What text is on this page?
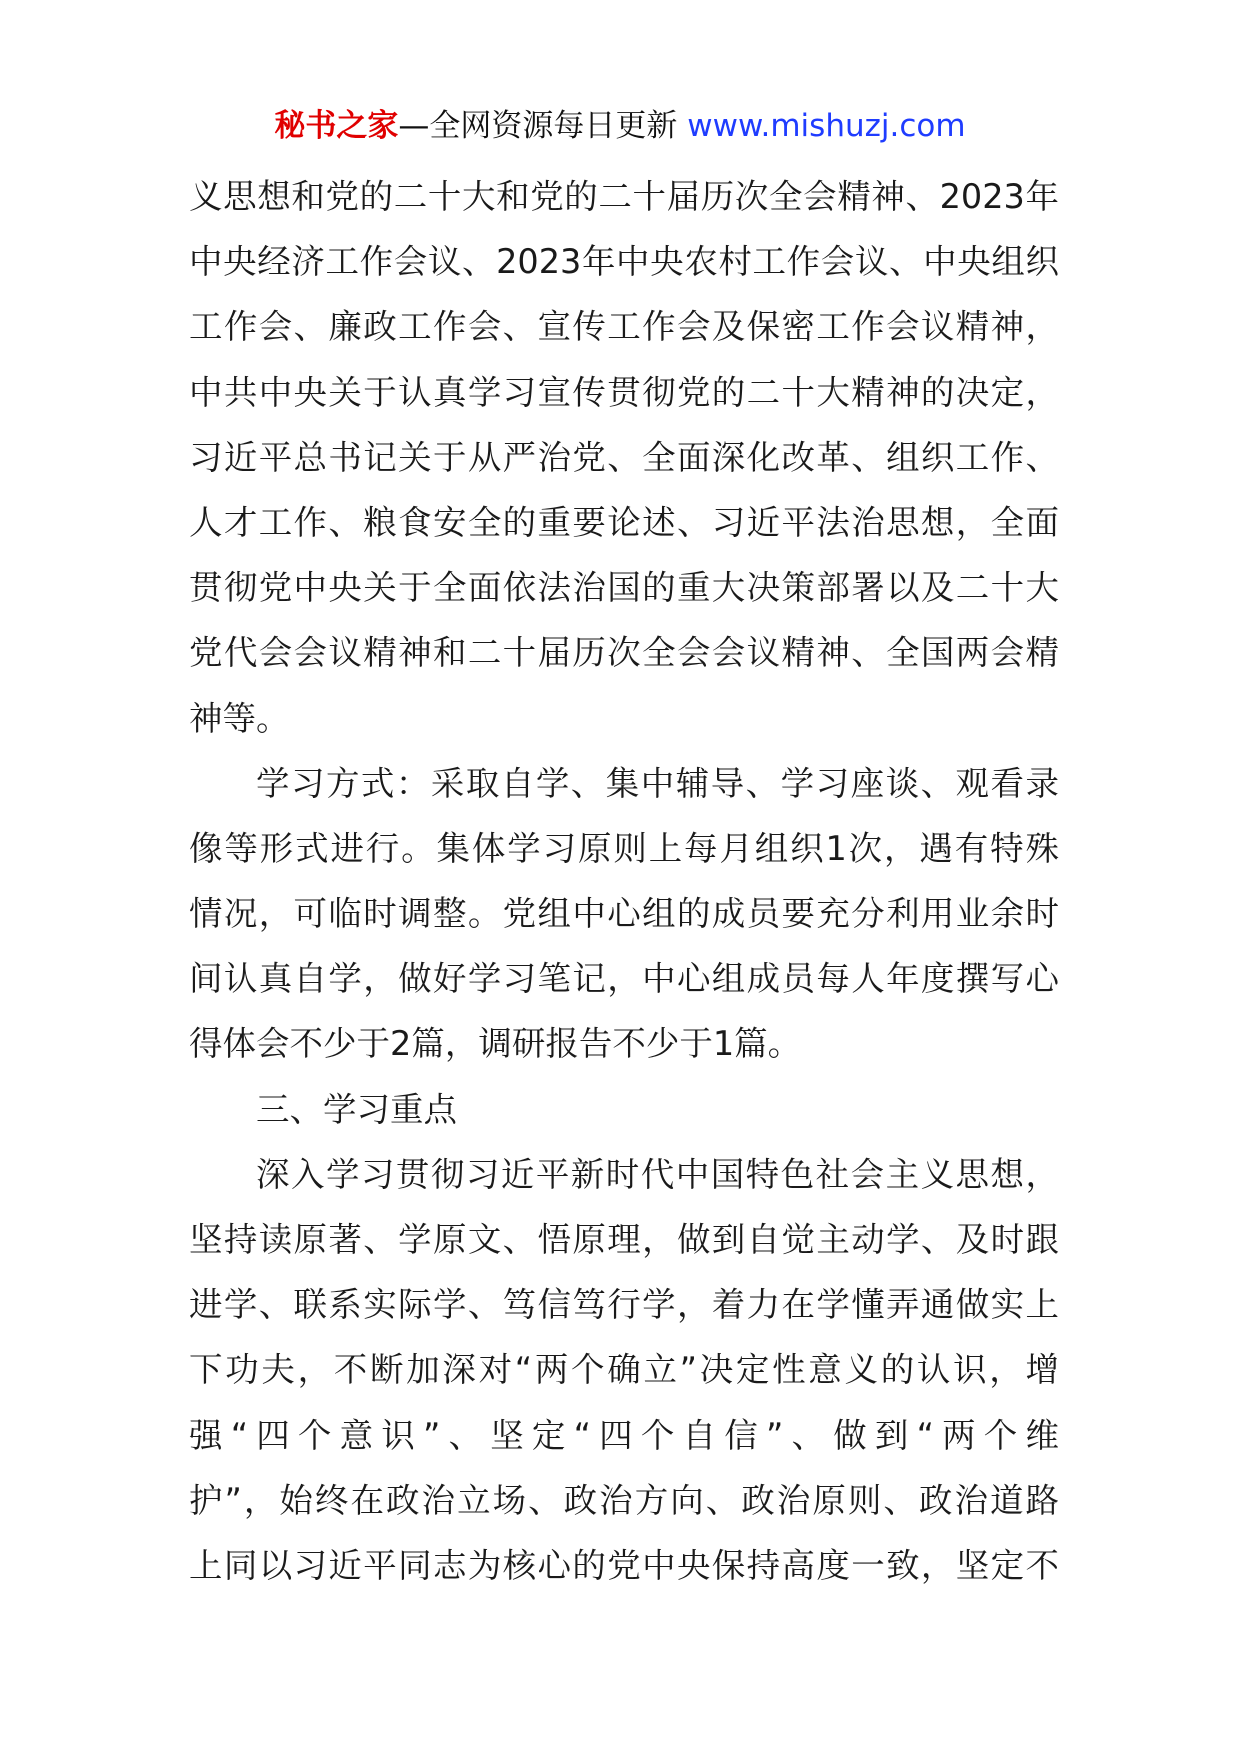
秘书之家—全网资源每日更新 www.mishuzj.com

义思想和党的二十大和党的二十届历次全会精神、2023年
中央经济工作会议、2023年中央农村工作会议、中央组织
工作会、廉政工作会、宣传工作会及保密工作会议精神，
中共中央关于认真学习宣传贯彻党的二十大精神的决定，
习近平总书记关于从严治党、全面深化改革、组织工作、
人才工作、粮食安全的重要论述、习近平法治思想，全面
贯彻党中央关于全面依法治国的重大决策部署以及二十大
党代会会议精神和二十届历次全会会议精神、全国两会精
神等。

学习方式：采取自学、集中辅导、学习座谈、观看录
像等形式进行。集体学习原则上每月组织1次，遇有特殊
情况，可临时调整。党组中心组的成员要充分利用业余时
间认真自学，做好学习笔记，中心组成员每人年度撰写心
得体会不少于2篇，调研报告不少于1篇。

三、学习重点

深入学习贯彻习近平新时代中国特色社会主义思想，
坚持读原著、学原文、悟原理，做到自觉主动学、及时跟
进学、联系实际学、笃信笃行学，着力在学懂弄通做实上
下功夫，不断加深对“两个确立”决定性意义的认识，增
强“四个意识”、坚定“四个自信”、做到“两个维
护”，始终在政治立场、政治方向、政治原则、政治道路
上同以习近平同志为核心的党中央保持高度一致，坚定不
